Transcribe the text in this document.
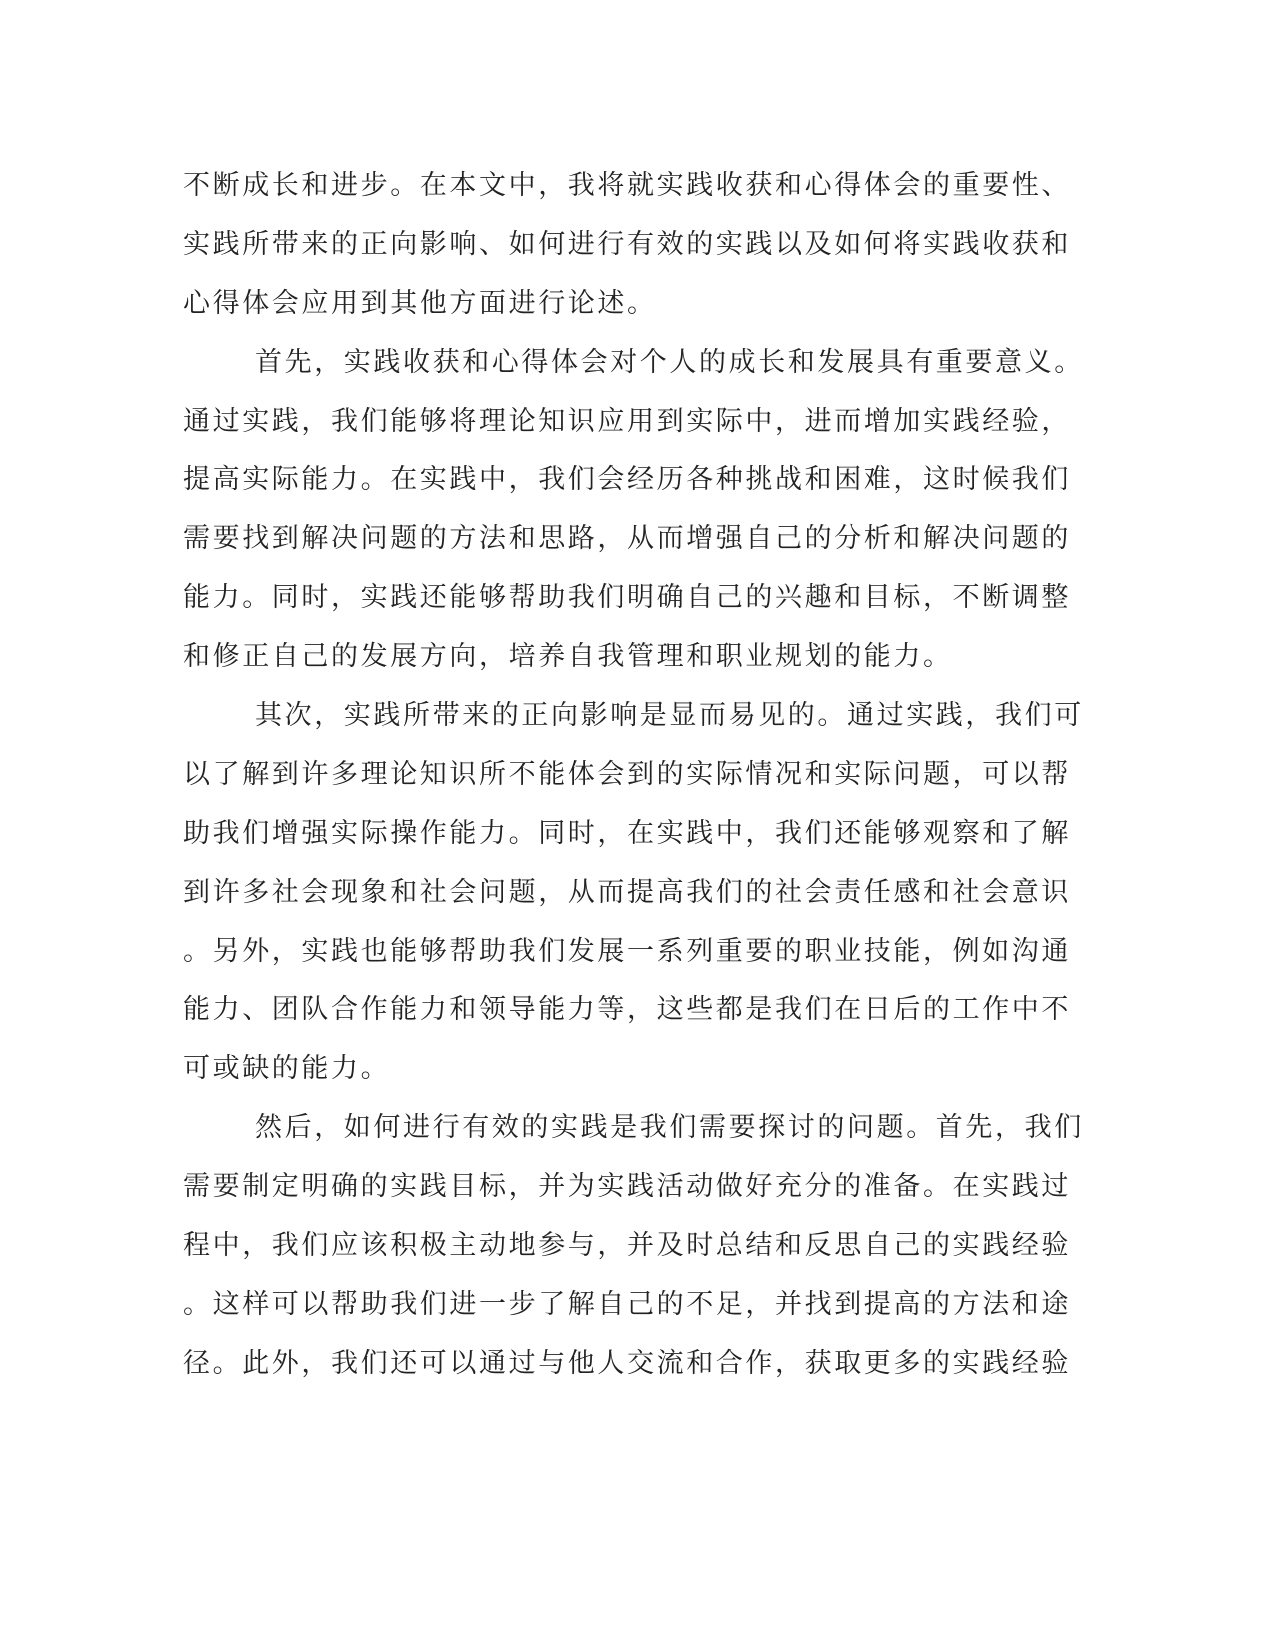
不断成长和进步。在本文中，我将就实践收获和心得体会的重要性、
实践所带来的正向影响、如何进行有效的实践以及如何将实践收获和
心得体会应用到其他方面进行论述。
首先，实践收获和心得体会对个人的成长和发展具有重要意义。
通过实践，我们能够将理论知识应用到实际中，进而增加实践经验，
提高实际能力。在实践中，我们会经历各种挑战和困难，这时候我们
需要找到解决问题的方法和思路，从而增强自己的分析和解决问题的
能力。同时，实践还能够帮助我们明确自己的兴趣和目标，不断调整
和修正自己的发展方向，培养自我管理和职业规划的能力。
其次，实践所带来的正向影响是显而易见的。通过实践，我们可
以了解到许多理论知识所不能体会到的实际情况和实际问题，可以帮
助我们增强实际操作能力。同时，在实践中，我们还能够观察和了解
到许多社会现象和社会问题，从而提高我们的社会责任感和社会意识
。另外，实践也能够帮助我们发展一系列重要的职业技能，例如沟通
能力、团队合作能力和领导能力等，这些都是我们在日后的工作中不
可或缺的能力。
然后，如何进行有效的实践是我们需要探讨的问题。首先，我们
需要制定明确的实践目标，并为实践活动做好充分的准备。在实践过
程中，我们应该积极主动地参与，并及时总结和反思自己的实践经验
。这样可以帮助我们进一步了解自己的不足，并找到提高的方法和途
径。此外，我们还可以通过与他人交流和合作，获取更多的实践经验
